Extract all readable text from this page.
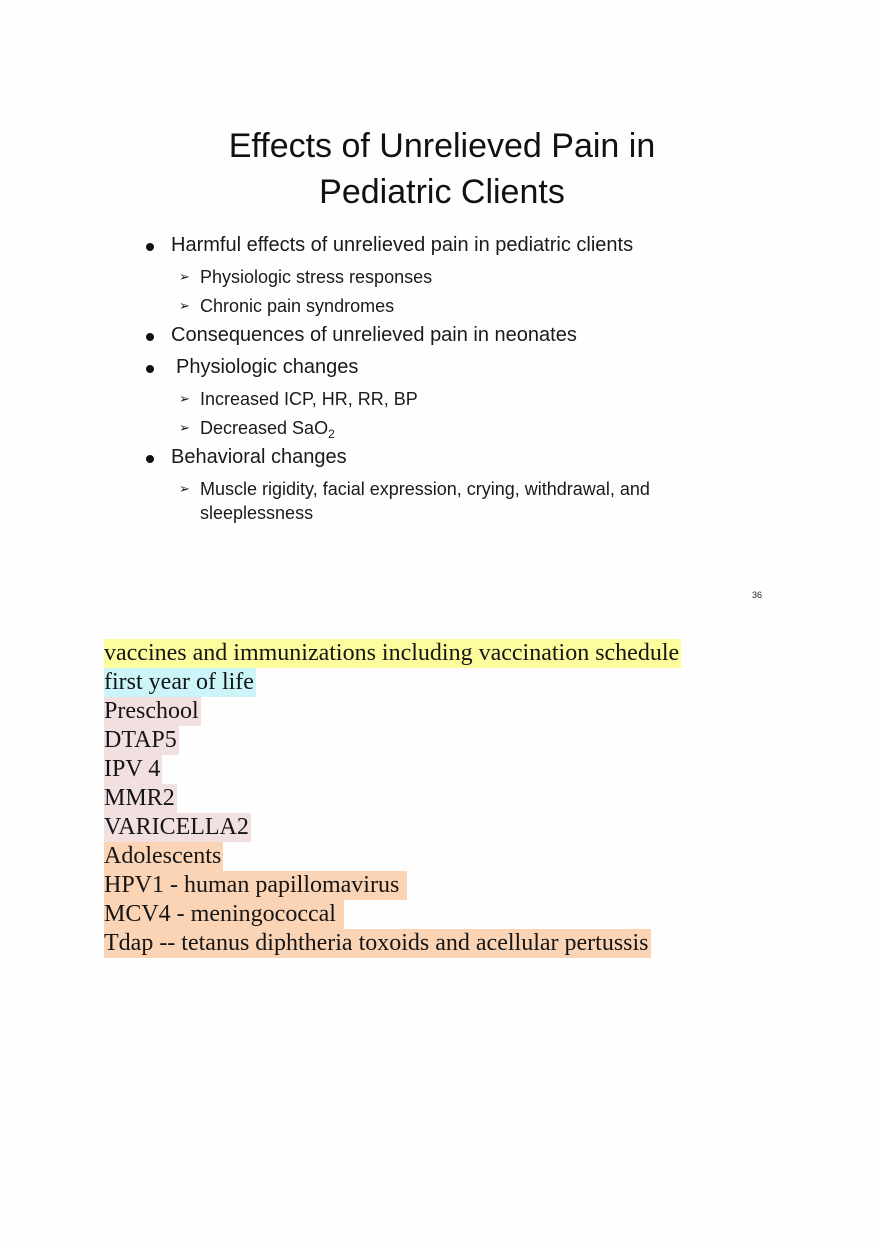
Effects of Unrelieved Pain in
Pediatric Clients
Harmful effects of unrelieved pain in pediatric clients
➢ Physiologic stress responses
➢ Chronic pain syndromes
Consequences of unrelieved pain in neonates
Physiologic changes
➢ Increased ICP, HR, RR, BP
➢ Decreased SaO$_2$
Behavioral changes
➢ Muscle rigidity, facial expression, crying, withdrawal, and
sleeplessness
36
vaccines and immunizations including vaccination schedule
first year of life
Preschool
DTAP5
IPV 4
MMR2
VARICELLA2
Adolescents
HPV1 - human papillomavirus
MCV4 - meningococcal
Tdap -- tetanus diphtheria toxoids and acellular pertussis
